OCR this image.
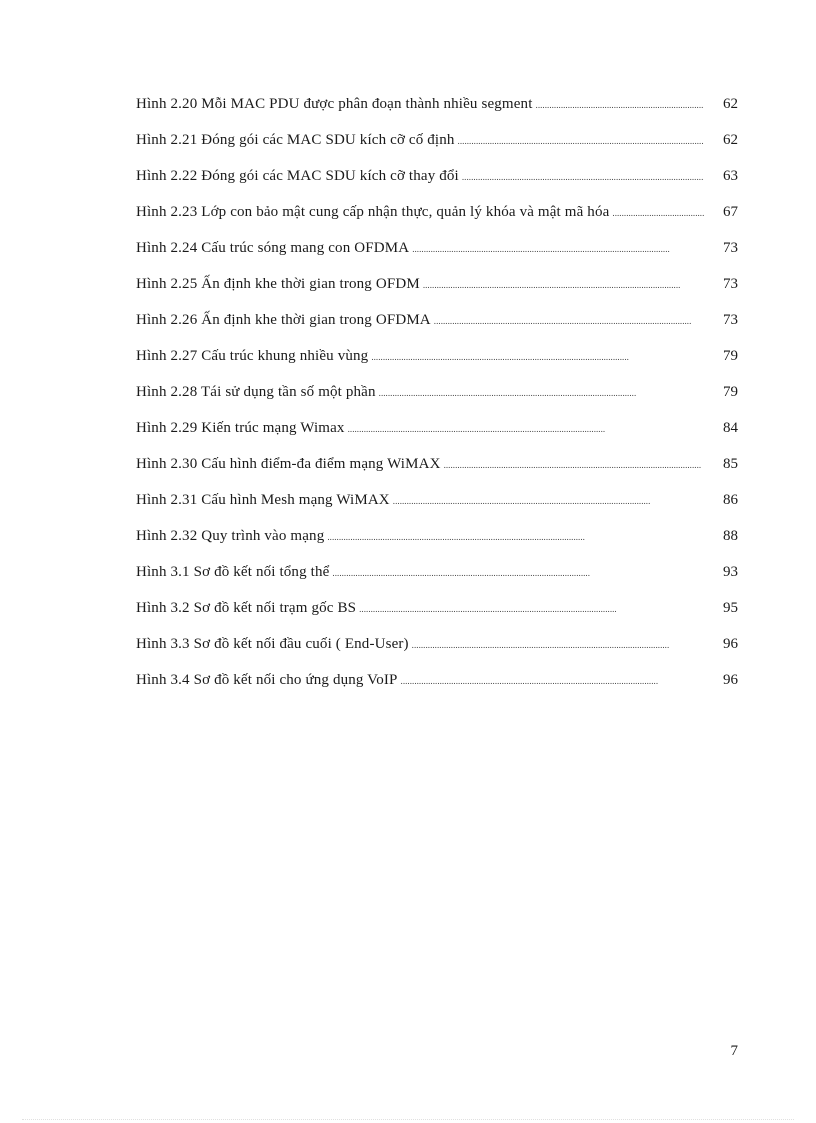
Hình 2.20 Mỗi MAC PDU được phân đoạn thành nhiều segment . . .	62
Hình 2.21 Đóng gói các MAC SDU kích cỡ cố định . . .	62
Hình 2.22 Đóng gói các MAC SDU kích cỡ thay đổi . . .	63
Hình 2.23 Lớp con bảo mật cung cấp nhận thực, quản lý khóa và mật mã hóa . . .	67
Hình 2.24 Cấu trúc sóng mang con OFDMA . . .	73
Hình 2.25 Ấn định khe thời gian trong OFDM . . .	73
Hình 2.26 Ấn định khe thời gian trong OFDMA . . .	73
Hình 2.27 Cấu trúc khung nhiều vùng . . .	79
Hình 2.28 Tái sử dụng tần số một phần . . .	79
Hình 2.29 Kiến trúc mạng Wimax . . .	84
Hình 2.30 Cấu hình điểm-đa điểm mạng WiMAX . . .	85
Hình 2.31 Cấu hình Mesh mạng WiMAX . . .	86
Hình 2.32 Quy trình vào mạng . . .	88
Hình 3.1 Sơ đồ kết nối tổng thể . . .	93
Hình 3.2 Sơ đồ kết nối trạm gốc BS . . .	95
Hình 3.3 Sơ đồ kết nối đầu cuối ( End-User) . . .	96
Hình 3.4 Sơ đồ kết nối cho ứng dụng VoIP . . .	96
7
